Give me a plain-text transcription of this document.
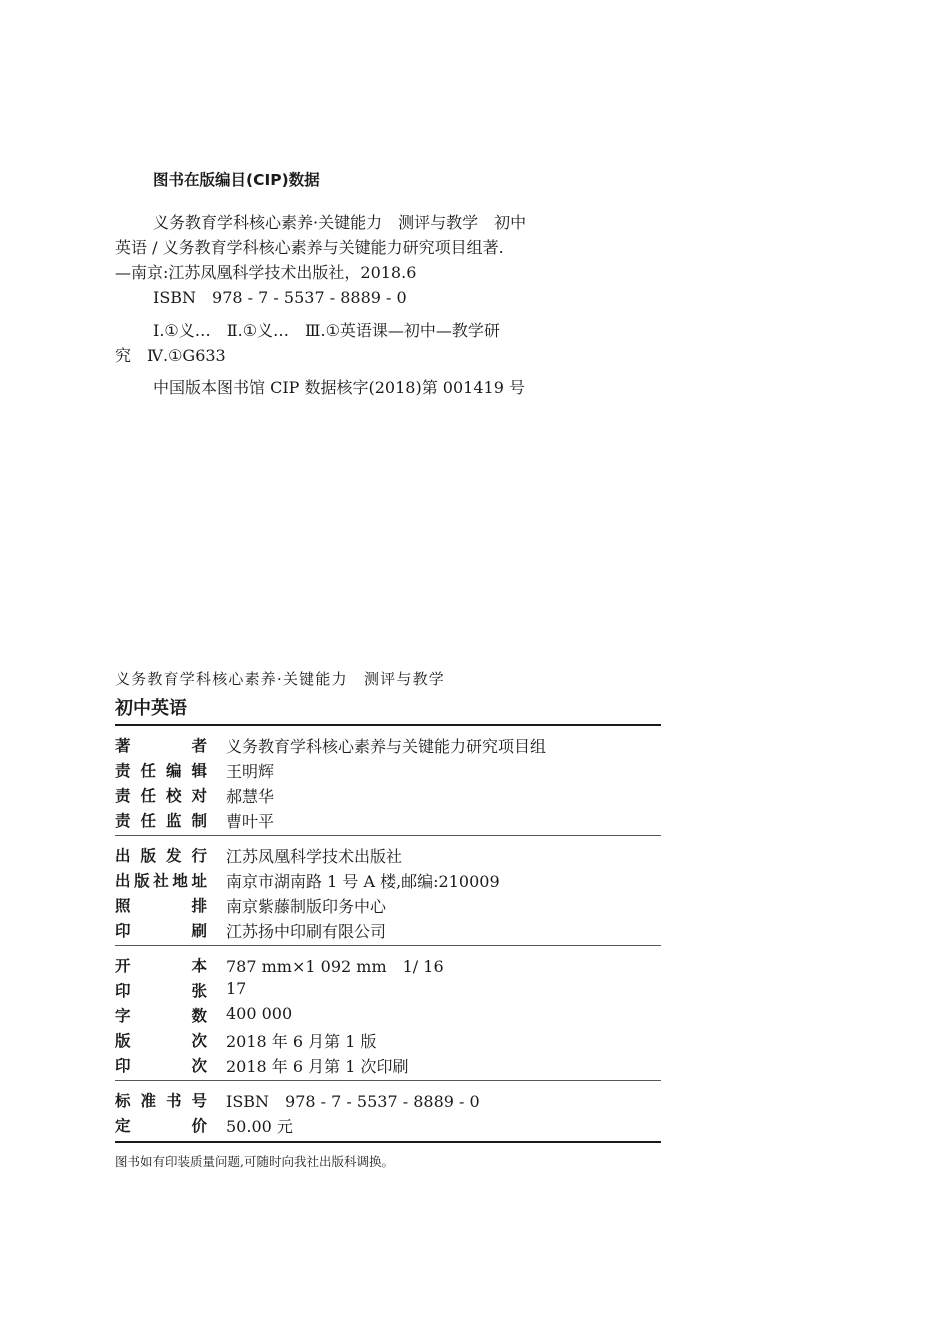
图书在版编目(CIP)数据
义务教育学科核心素养·关键能力　测评与教学　初中
英语 / 义务教育学科核心素养与关键能力研究项目组著.
—南京:江苏凤凰科学技术出版社，2018.6
ISBN　978 - 7 - 5537 - 8889 - 0
Ⅰ.①义…　Ⅱ.①义…　Ⅲ.①英语课—初中—教学研
究　Ⅳ.①G633
中国版本图书馆 CIP 数据核字(2018)第 001419 号
义务教育学科核心素养·关键能力　测评与教学
初中英语
著	者 义务教育学科核心素养与关键能力研究项目组
责 任 编 辑 王明辉
责 任 校 对 郝慧华
责 任 监 制 曹叶平
出 版 发 行 江苏凤凰科学技术出版社
出 版 社 地 址 南京市湖南路 1 号 A 楼,邮编:210009
照	排 南京紫藤制版印务中心
印	刷 江苏扬中印刷有限公司
开	本 787 mm×1 092 mm　1/ 16
印	张 17
字	数 400 000
版	次 2018 年 6 月第 1 版
印	次 2018 年 6 月第 1 次印刷
标 准 书 号 ISBN　978 - 7 - 5537 - 8889 - 0
定	价 50.00 元
图书如有印装质量问题,可随时向我社出版科调换。
